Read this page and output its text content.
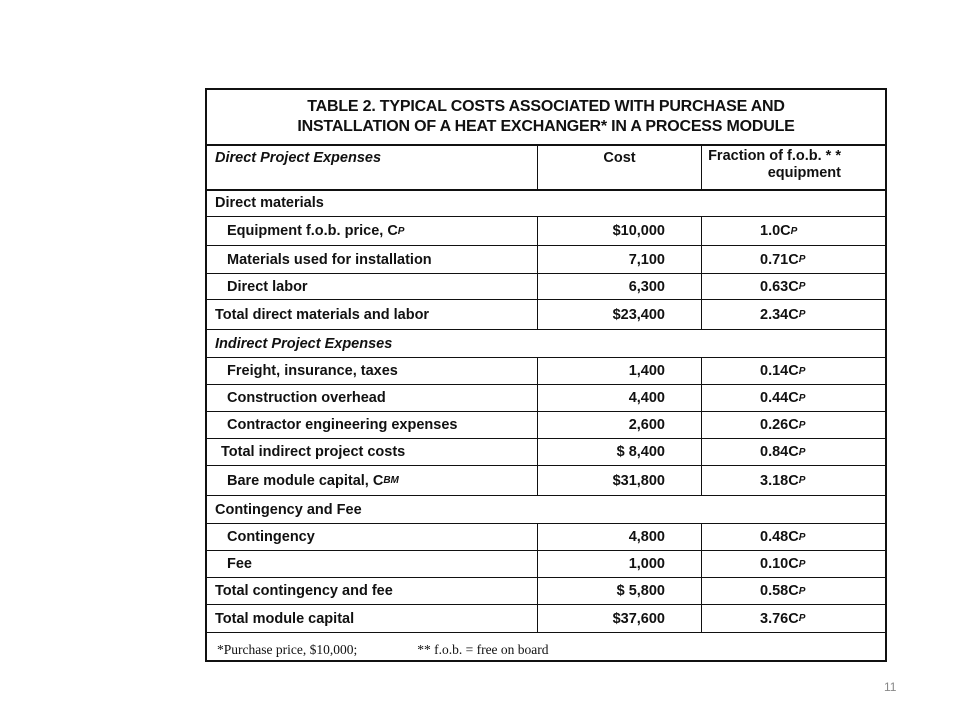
TABLE 2. TYPICAL COSTS ASSOCIATED WITH PURCHASE AND
INSTALLATION OF A HEAT EXCHANGER* IN A PROCESS MODULE
Direct Project Expenses	Cost	Fraction of f.o.b. * *
equipment
Direct materials
Equipment f.o.b. price, C P	$10,000	1.0C P
Materials used for installation	7,100	0.71C P
Direct labor	6,300	0.63C P
Total direct materials and labor	$23,400	2.34C P
Indirect Project Expenses
Freight, insurance, taxes	1,400	0.14C P
Construction overhead	4,400	0.44C P
Contractor engineering expenses	2,600	0.26C P
Total indirect project costs	$ 8,400	0.84C P
Bare module capital, C BM	$31,800	3.18C P
Contingency and Fee
Contingency	4,800	0.48C P
Fee	1,000	0.10C P
Total contingency and fee	$ 5,800	0.58C P
Total module capital	$37,600	3.76C P
*Purchase price, $10,000;	** f.o.b. = free on board
11
